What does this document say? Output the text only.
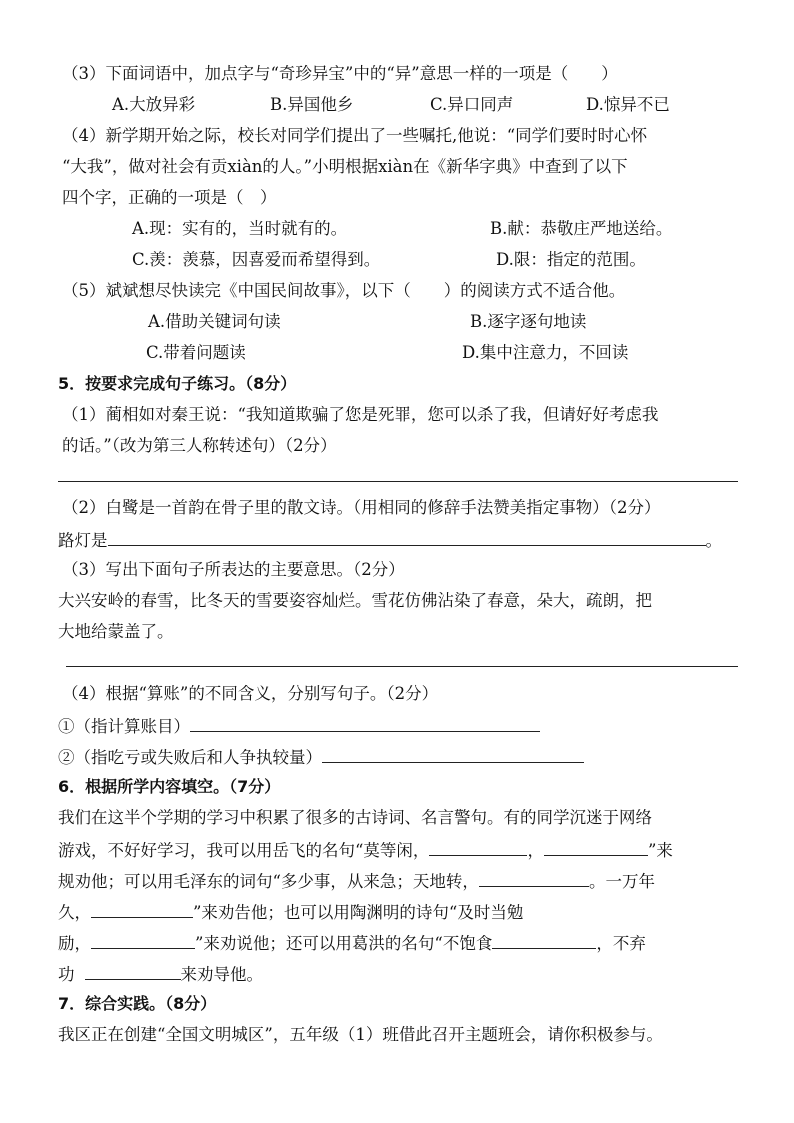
（3）下面词语中，加点字与“奇珍异宝”中的“异”意思一样的一项是（　　）
A.大放异彩	B.异国他乡	C.异口同声	D.惊异不已
（4）新学期开始之际，校长对同学们提出了一些嘱托,他说：“同学们要时时心怀
“大我”，做对社会有贡xiàn的人。”小明根据xiàn在《新华字典》中查到了以下
四个字，正确的一项是（　）
A.现：实有的，当时就有的。	B.献：恭敬庄严地送给。
C.羡：羡慕，因喜爱而希望得到。	D.限：指定的范围。
（5）斌斌想尽快读完《中国民间故事》，以下（　　）的阅读方式不适合他。
A.借助关键词句读	B.逐字逐句地读
C.带着问题读	D.集中注意力，不回读
5．按要求完成句子练习。（8分）
（1）蔺相如对秦王说：“我知道欺骗了您是死罪，您可以杀了我，但请好好考虑我
的话。”（改为第三人称转述句）（2分）
（2）白鹭是一首韵在骨子里的散文诗。（用相同的修辞手法赞美指定事物）（2分）
路灯是	。
（3）写出下面句子所表达的主要意思。（2分）
大兴安岭的春雪，比冬天的雪要姿容灿烂。雪花仿佛沾染了春意，朵大，疏朗，把
大地给蒙盖了。
（4）根据“算账”的不同含义，分别写句子。（2分）
①（指计算账目）
②（指吃亏或失败后和人争执较量）
6．根据所学内容填空。（7分）
我们在这半个学期的学习中积累了很多的古诗词、名言警句。有的同学沉迷于网络
游戏，不好好学习，我可以用岳飞的名句“莫等闲，	，	”来
规劝他；可以用毛泽东的词句“多少事，从来急；天地转，	。一万年
久，	”来劝告他；也可以用陶渊明的诗句“及时当勉
励，	”来劝说他；还可以用葛洪的名句“不饱食	，不弃
功	来劝导他。
7．综合实践。（8分）
我区正在创建“全国文明城区”，五年级（1）班借此召开主题班会，请你积极参与。
